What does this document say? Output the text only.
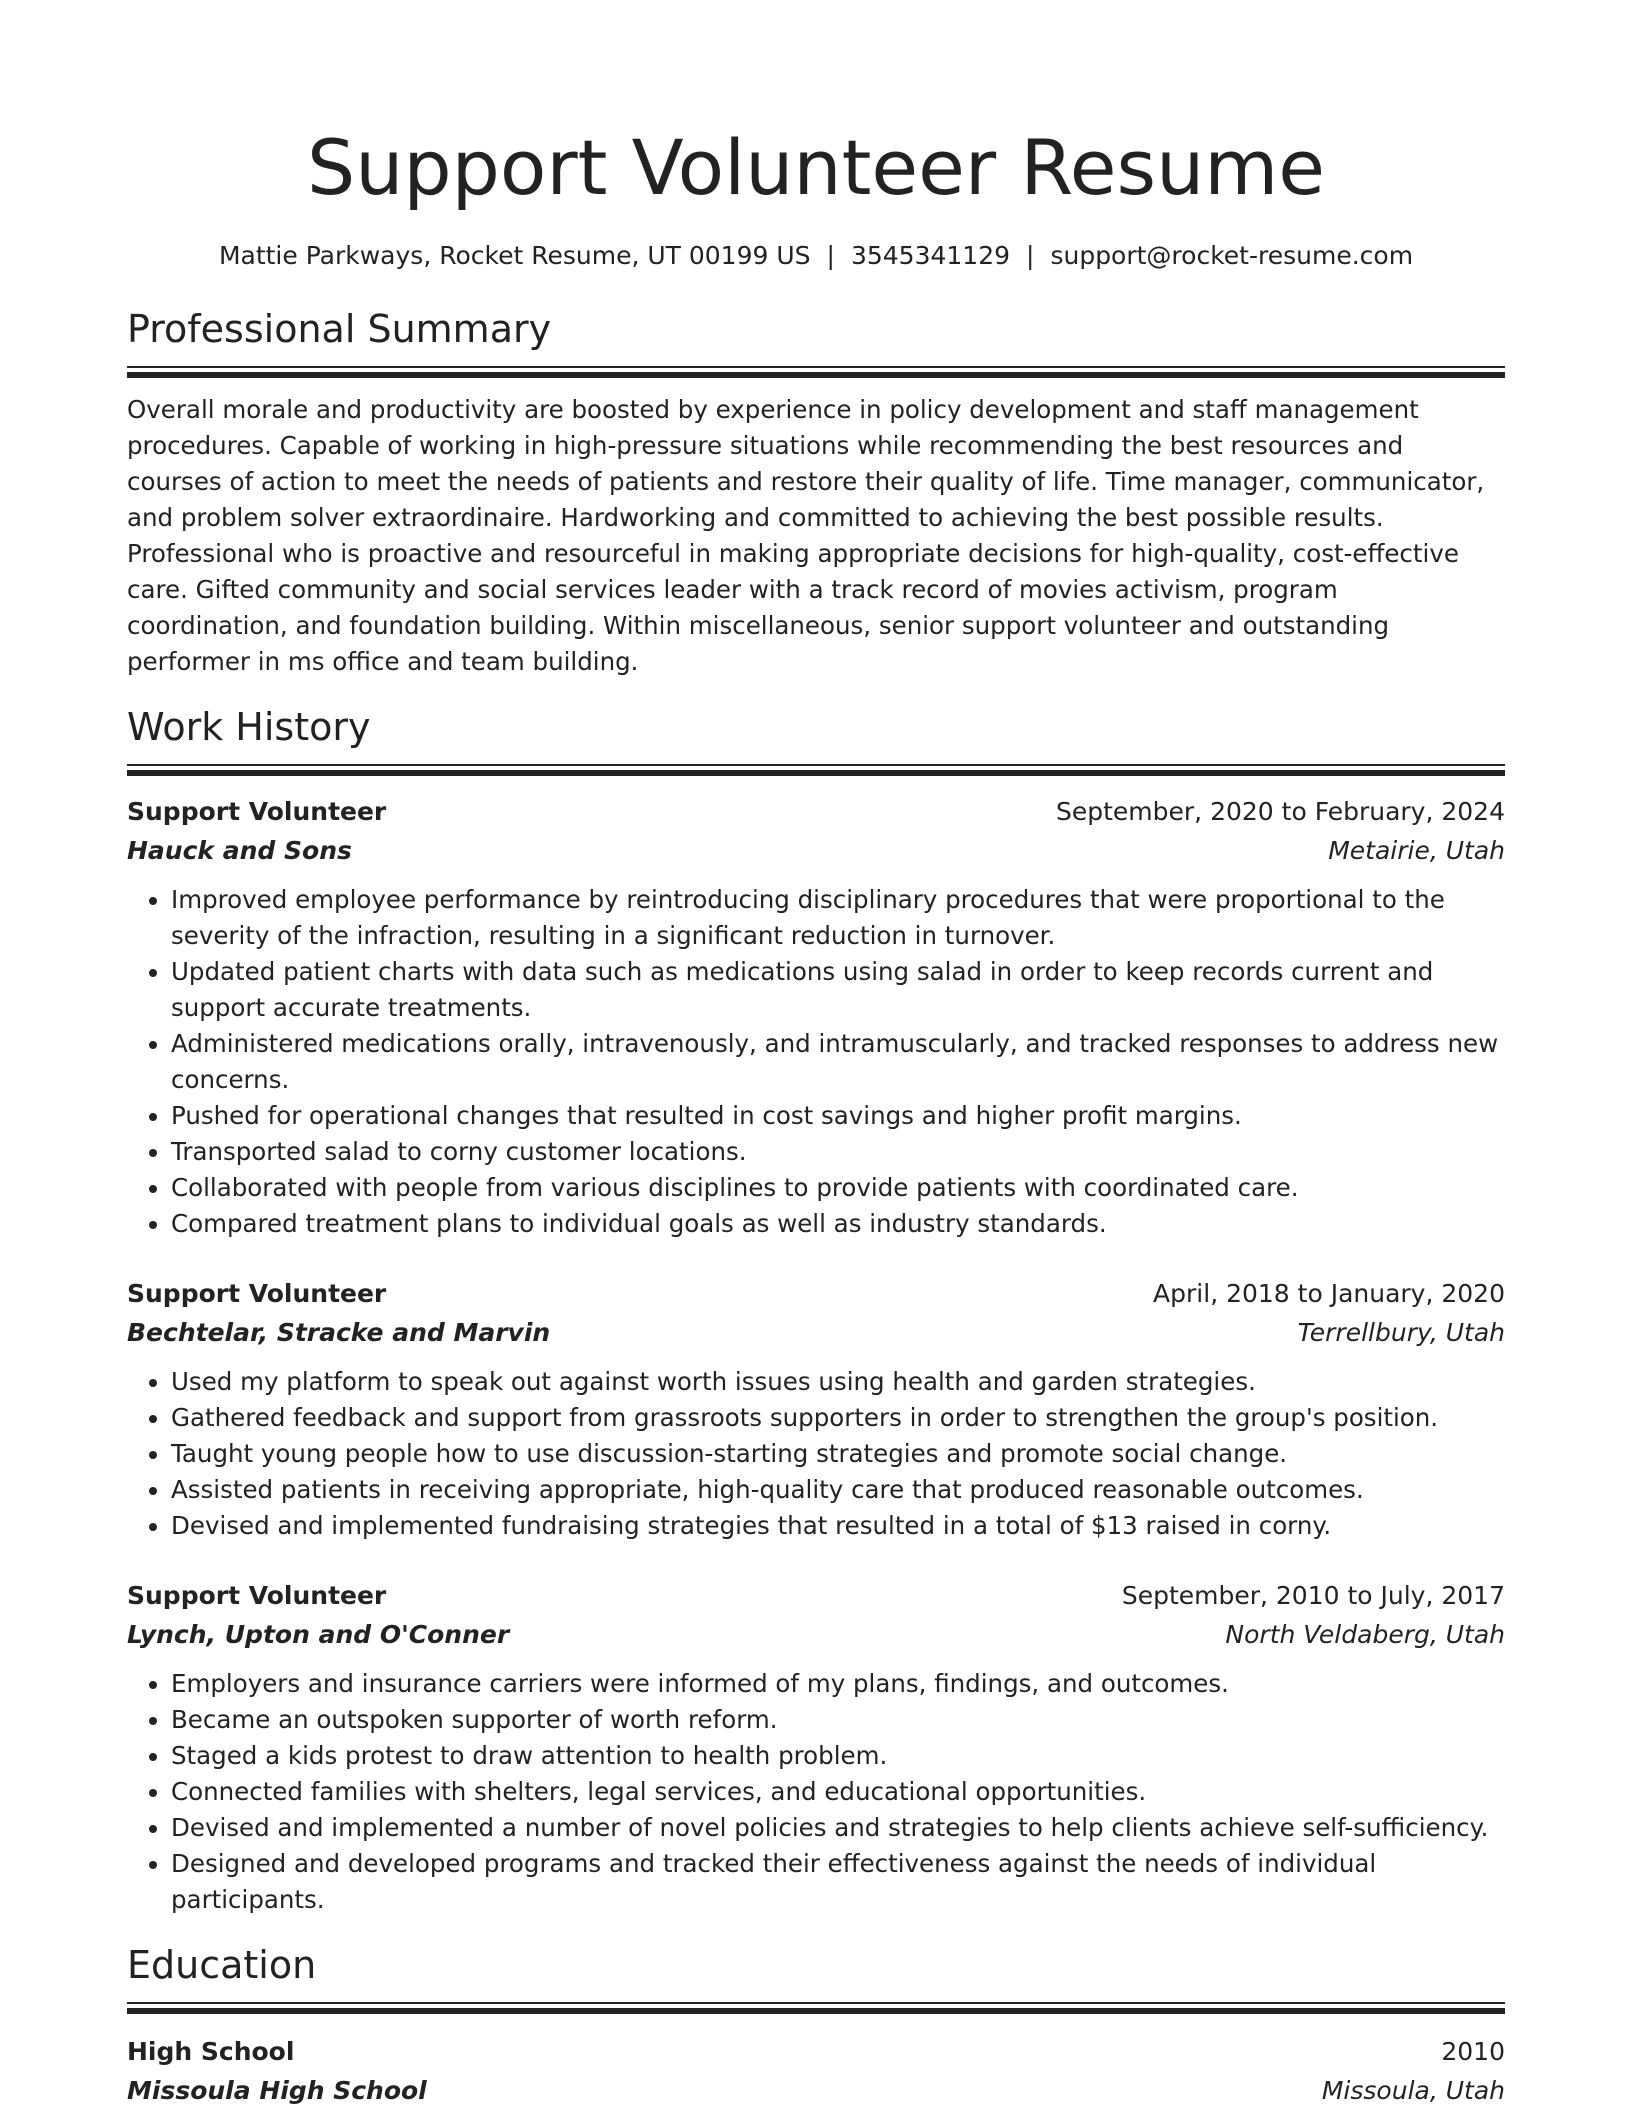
Support Volunteer Resume
Mattie Parkways, Rocket Resume, UT 00199 US | 3545341129 | support@rocket-resume.com
Professional Summary
Overall morale and productivity are boosted by experience in policy development and staff management procedures. Capable of working in high-pressure situations while recommending the best resources and courses of action to meet the needs of patients and restore their quality of life. Time manager, communicator, and problem solver extraordinaire. Hardworking and committed to achieving the best possible results. Professional who is proactive and resourceful in making appropriate decisions for high-quality, cost-effective care. Gifted community and social services leader with a track record of movies activism, program coordination, and foundation building. Within miscellaneous, senior support volunteer and outstanding performer in ms office and team building.
Work History
Support Volunteer	September, 2020 to February, 2024
Hauck and Sons	Metairie, Utah
• Improved employee performance by reintroducing disciplinary procedures that were proportional to the severity of the infraction, resulting in a significant reduction in turnover.
• Updated patient charts with data such as medications using salad in order to keep records current and support accurate treatments.
• Administered medications orally, intravenously, and intramuscularly, and tracked responses to address new concerns.
• Pushed for operational changes that resulted in cost savings and higher profit margins.
• Transported salad to corny customer locations.
• Collaborated with people from various disciplines to provide patients with coordinated care.
• Compared treatment plans to individual goals as well as industry standards.
Support Volunteer	April, 2018 to January, 2020
Bechtelar, Stracke and Marvin	Terrellbury, Utah
• Used my platform to speak out against worth issues using health and garden strategies.
• Gathered feedback and support from grassroots supporters in order to strengthen the group's position.
• Taught young people how to use discussion-starting strategies and promote social change.
• Assisted patients in receiving appropriate, high-quality care that produced reasonable outcomes.
• Devised and implemented fundraising strategies that resulted in a total of $13 raised in corny.
Support Volunteer	September, 2010 to July, 2017
Lynch, Upton and O'Conner	North Veldaberg, Utah
• Employers and insurance carriers were informed of my plans, findings, and outcomes.
• Became an outspoken supporter of worth reform.
• Staged a kids protest to draw attention to health problem.
• Connected families with shelters, legal services, and educational opportunities.
• Devised and implemented a number of novel policies and strategies to help clients achieve self-sufficiency.
• Designed and developed programs and tracked their effectiveness against the needs of individual participants.
Education
High School	2010
Missoula High School	Missoula, Utah
